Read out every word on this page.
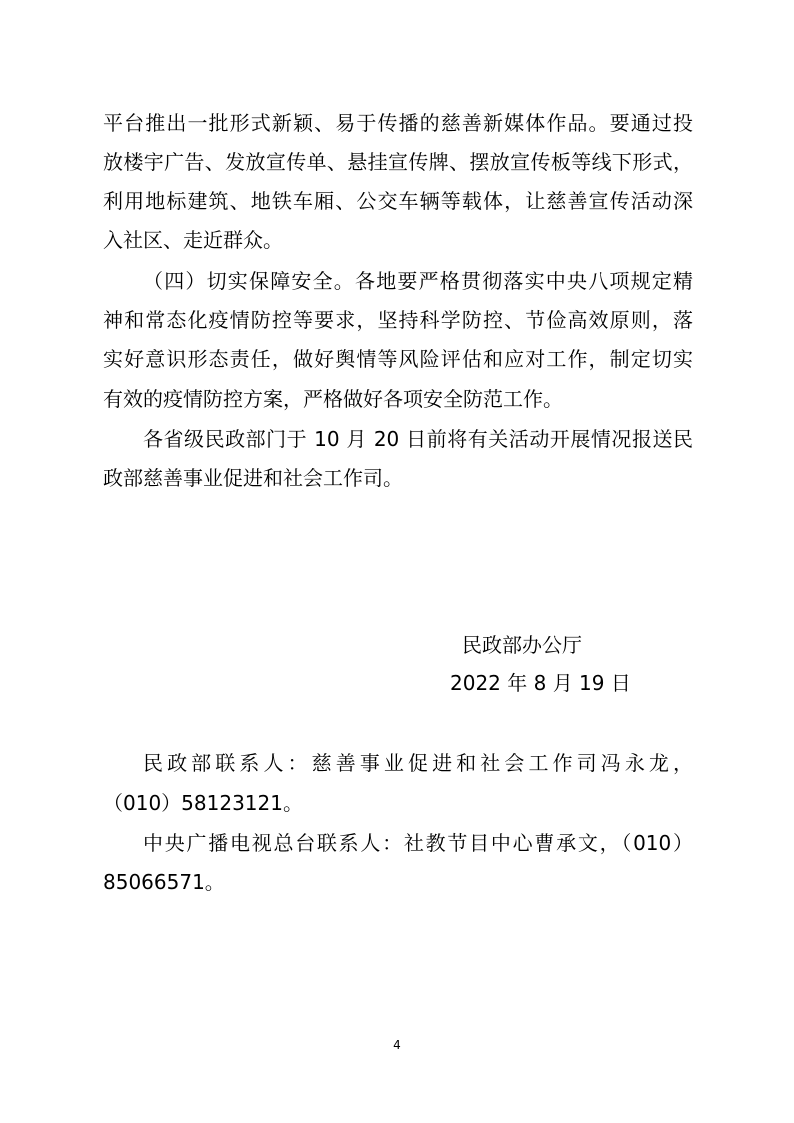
平台推出一批形式新颖、易于传播的慈善新媒体作品。要通过投
放楼宇广告、发放宣传单、悬挂宣传牌、摆放宣传板等线下形式，
利用地标建筑、地铁车厢、公交车辆等载体，让慈善宣传活动深
入社区、走近群众。
（四）切实保障安全。各地要严格贯彻落实中央八项规定精
神和常态化疫情防控等要求，坚持科学防控、节俭高效原则，落
实好意识形态责任，做好舆情等风险评估和应对工作，制定切实
有效的疫情防控方案，严格做好各项安全防范工作。
各省级民政部门于 10 月 20 日前将有关活动开展情况报送民
政部慈善事业促进和社会工作司。
民政部办公厅
2022 年 8 月 19 日
民政部联系人：慈善事业促进和社会工作司冯永龙，
（010）58123121。
中央广播电视总台联系人：社教节目中心曹承文，（010）
85066571。
4
